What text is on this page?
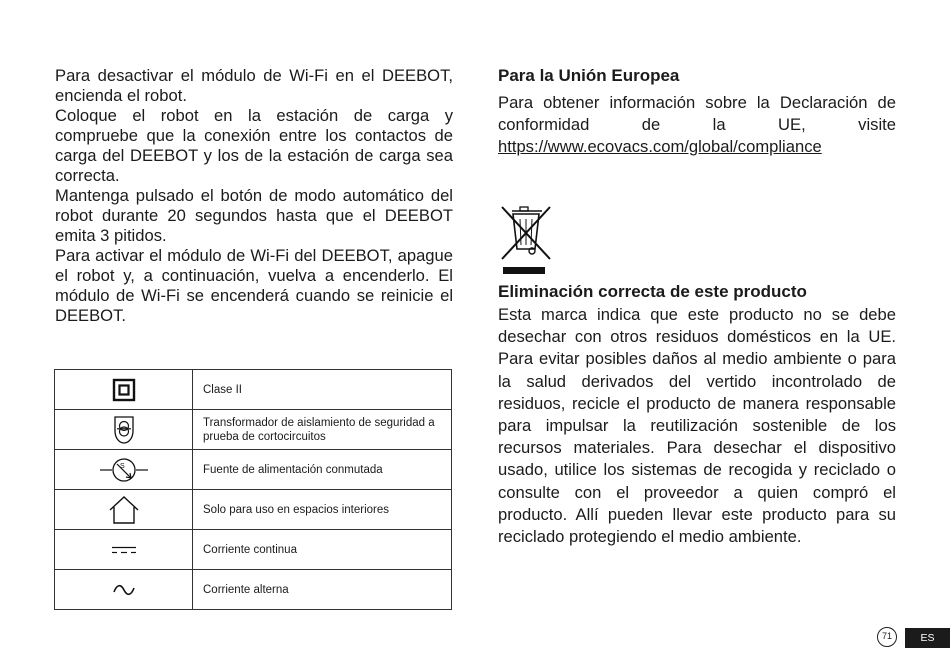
Para desactivar el módulo de Wi-Fi en el DEEBOT, encienda el robot.

Coloque el robot en la estación de carga y compruebe que la conexión entre los contactos de carga del DEEBOT y los de la estación de carga sea correcta.

Mantenga pulsado el botón de modo automático del robot durante 20 segundos hasta que el DEEBOT emita 3 pitidos.

Para activar el módulo de Wi-Fi del DEEBOT, apague el robot y, a continuación, vuelva a encenderlo. El módulo de Wi-Fi se encenderá cuando se reinicie el DEEBOT.

	Clase II

	Transformador de aislamiento de seguridad a prueba de cortocircuitos

S	Fuente de alimentación conmutada

	Solo para uso en espacios interiores

	Corriente continua

	Corriente alterna
Para la Unión Europea

Para obtener información sobre la Declaración de conformidad de la UE, visite https://www.ecovacs.com/global/compliance

Eliminación correcta de este producto

Esta marca indica que este producto no se debe desechar con otros residuos domésticos en la UE. Para evitar posibles daños al medio ambiente o para la salud derivados del vertido incontrolado de residuos, recicle el producto de manera responsable para impulsar la reutilización sostenible de los recursos materiales. Para desechar el dispositivo usado, utilice los sistemas de recogida y reciclado o consulte con el proveedor a quien compró el producto. Allí pueden llevar este producto para su reciclado protegiendo el medio ambiente.

71	ES
